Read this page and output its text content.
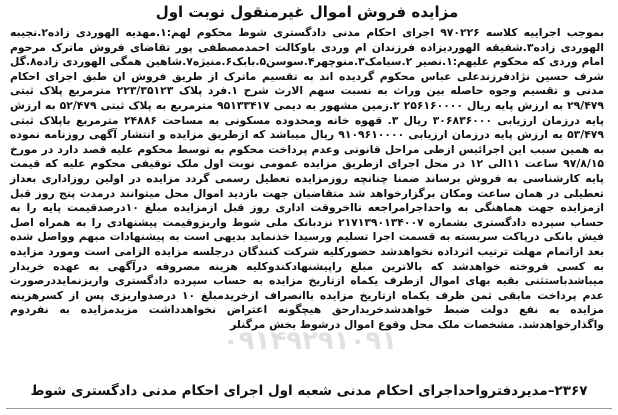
مزایده فروش اموال غیرمنقول نوبت اول

بموجب اجراییه کلاسه ۹۷۰۲۲۶ اجرای احکام مدنی دادگستری شوط محکوم لهم:۱.مهدیه الهوردی زاده۲.نجیبه الهوردی زاده۳.شفیقه الهوردیزاده فرزندان ام وردی باوکالت احمدمصطفی پور تقاضای فروش ماترک مرحوم امام وردی که محکوم علیهم:۱.نصیر ۲.سیامک۳.منوچهر۴.سوسن۵.بابک۶.منیژه۷.شاهین همگی الهوردی زاده۸.گل شرف حسین نژادفرزندعلی عباس محکوم گردیده اند به تقسیم ماترک از طریق فروش ان طبق اجرای احکام مدنی و تقسیم وجوه حاصله بین وراث به نسبت سهم الارث شرح ۱.فرد پلاک ۲۲۳/۳۵۱۲۳ مترمربع پلاک ثبتی ۲۹/۴۷۹ به ارزش پایه ریال ۲۵۶۱۶۰۰۰۰ ۲.زمین مشهور به دیمی ۹۵۱۳۳۴۱۷ مترمربع به پلاک ثبتی ۵۲/۴۷۹ به ارزش پایه درزمان ارزیابی ۳۰۶۸۳۶۰۰۰ ریال ۳. قهوه خانه ومحدوده مسکونی به مساحت ۲۴۸۸۶ مترمربع باپلاک ثبتی ۵۳/۴۷۹ به ارزش پایه درزمان ارزیابی ۹۱۰۹۶۱۰۰۰۰ ریال میباشد که ازطریق مزایده و انتشار آگهی روزنامه نموده به همین سبب این اجرائیس ازطی مراحل قانونی وعدم پرداخت محکوم به توسط محکوم علیه قصد دارد در مورخ ۹۷/۸/۱۵ ساعت ۱۱الی ۱۲ در محل اجرای ازطریق مزایده عمومی نوبت اول ملک توقیفی محکوم علیه که قیمت پایه کارشناسی به فروش برساند ضمنا چنانچه روزمزایده تعطیل رسمی گردد مزایده در اولین روزاداری بعداز تعطیلی در همان ساعت ومکان برگزارخواهد شد متقاضیان جهت بازدید اموال محل میتوانند درمدت پنج روز قبل ازمزایده جهت هماهنگی به واحداجرامراجعه تااخروقت اداری روز قبل ازمزایده مبلغ ۱۰درصدقیمت پایه را به حساب سپرده دادگستری بشماره ۲۱۷۱۳۹۰۱۳۴۰۰۷ نزدبانک ملی شوط واربزوقیمت پیشنهادی را به همراه اصل فیش بانکی درپاکت سربسته به قسمت اجرا تسلیم ورسیدا خذنماید بدیهی است به پیشنهادات مبهم وواصل شده بعد ازاتمام مهلت ترتیب اثرداده نخواهدشد حضورکلیه شرکت کنندگان درجلسه مزایده الزامی است ومورد مزایده به کسی فروخته خواهدشد که بالاترین مبلغ راپیشنهادکندوکلیه هزینه مصروفه درآگهی به عهده خریدار میباشدباستثنی بقیه بهای اموال ازطرف یکماه ازتاریخ مزایده به حساب سپرده دادگستری واریزنمایددرصورت عدم پرداخت مابقی ثمن ظرف یکماه ازتاریخ مزایده باانصراف ازخریدمبلغ ۱۰ درصدواریزی پس از کسرهزینه مزایده به نفع دولت ضبط خواهدشدخریدارحق هیچگونه اعتراض نخواهدداشت مزیدمزایده به نفردوم واگذارخواهدشد. مشخصات ملک محل وقوع اموال درشوط بخش مرگنلر

۰۹۱۴۹۲۹۱۰۹۱
۲۳۶۷–مدیردفترواحداجرای احکام مدنی شعبه اول اجرای احکام مدنی دادگستری شوط
